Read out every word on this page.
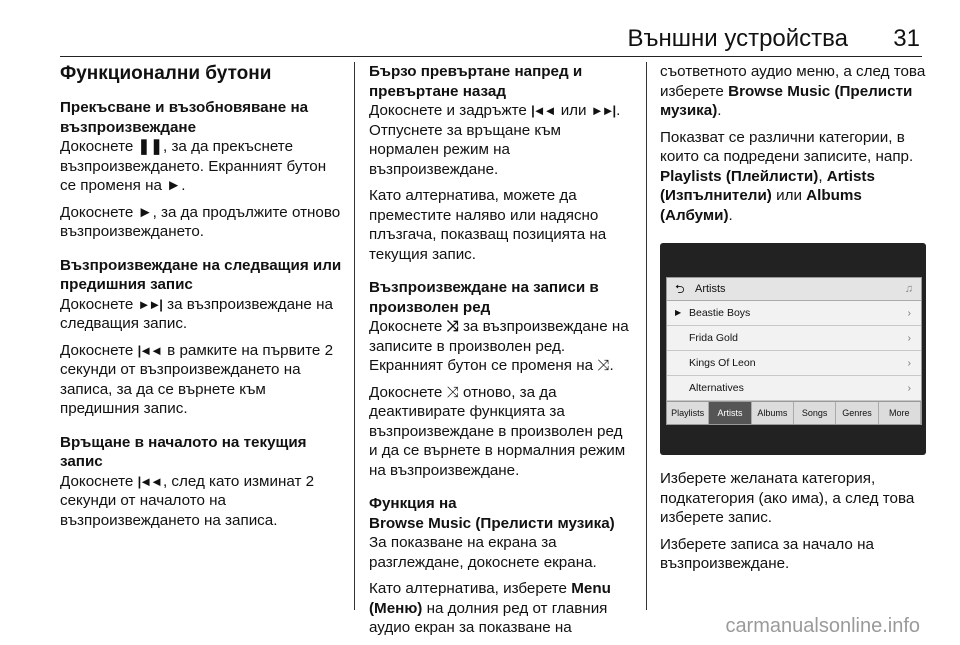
Външни устройства 31
Функционални бутони
Прекъсване и възобновяване на възпроизвеждане

Докоснете ❚❚, за да прекъснете възпроизвеждането. Екранният бутон се променя на ►.

Докоснете ►, за да продължите отново възпроизвеждането.

Възпроизвеждане на следващия или предишния запис

Докоснете ►►| за възпроизвеждане на следващия запис.

Докоснете |◄◄ в рамките на първите 2 секунди от възпроизвеждането на записа, за да се върнете към предишния запис.

Връщане в началото на текущия запис

Докоснете |◄◄ , след като изминат 2 секунди от началото на възпроизвеждането на записа.

Бързо превъртане напред и превъртане назад

Докоснете и задръжте |◄◄ или ►►| . Отпуснете за връщане към нормален режим на възпроизвеждане.

Като алтернатива, можете да преместите наляво или надясно плъзгача, показващ позицията на текущия запис.

Възпроизвеждане на записи в произволен ред

Докоснете ⤨ за възпроизвеждане на записите в произволен ред. Екранният бутон се променя на ⤨.

Докоснете ⤨ отново, за да деактивирате функцията за възпроизвеждане в произволен ред и да се върнете в нормалния режим на възпроизвеждане.

Функция на
Browse Music (Прелисти музика)

За показване на екрана за разглеждане, докоснете екрана.

Като алтернатива, изберете Menu (Меню) на долния ред от главния аудио екран за показване на

съответното аудио меню, а след това изберете Browse Music (Прелисти музика).

Показват се различни категории, в които са подредени записите, напр. Playlists (Плейлисти), Artists (Изпълнители) или Albums (Албуми).

⮌ Artists	♫
▶ Beastie Boys	›
Frida Gold	›
Kings Of Leon	›
Alternatives	›
Playlists	Artists	Albums	Songs	Genres	More

Изберете желаната категория, подкатегория (ако има), а след това изберете запис.

Изберете записа за начало на възпроизвеждане.

carmanualsonline.info
